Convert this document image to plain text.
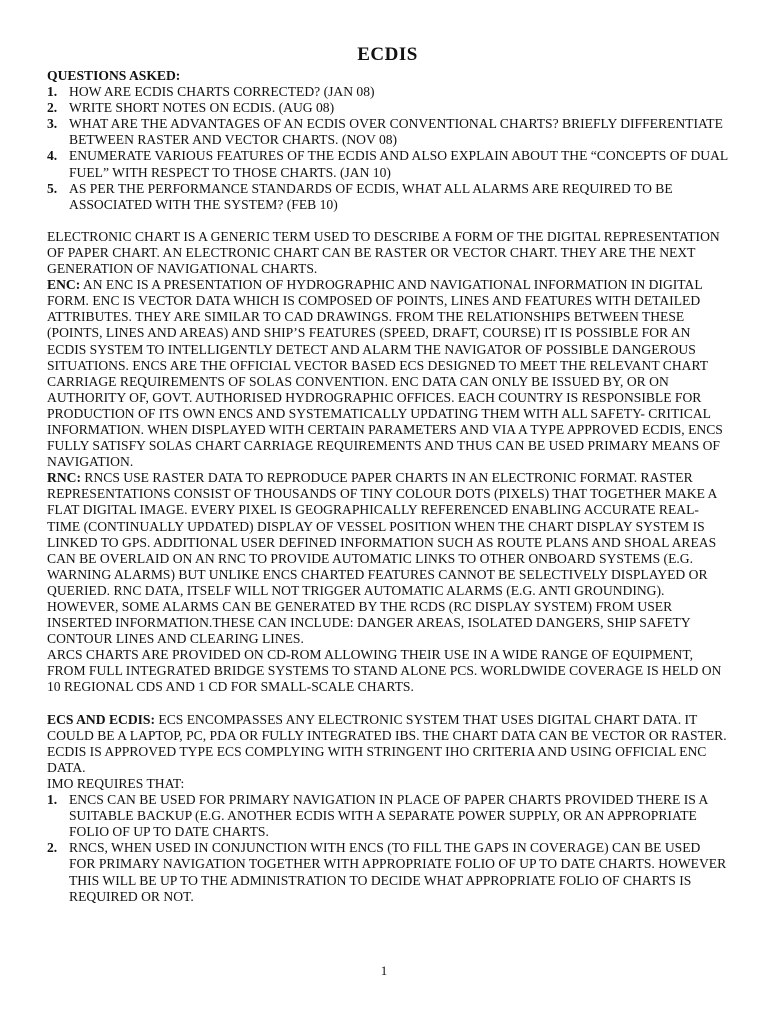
ECDIS

QUESTIONS ASKED:

1. HOW ARE ECDIS CHARTS CORRECTED? (JAN 08)
2. WRITE SHORT NOTES ON ECDIS. (AUG 08)
3. WHAT ARE THE ADVANTAGES OF AN ECDIS OVER CONVENTIONAL CHARTS? BRIEFLY DIFFERENTIATE BETWEEN RASTER AND VECTOR CHARTS. (NOV 08)
4. ENUMERATE VARIOUS FEATURES OF THE ECDIS AND ALSO EXPLAIN ABOUT THE “CONCEPTS OF DUAL FUEL” WITH RESPECT TO THOSE CHARTS. (JAN 10)
5. AS PER THE PERFORMANCE STANDARDS OF ECDIS, WHAT ALL ALARMS ARE REQUIRED TO BE ASSOCIATED WITH THE SYSTEM? (FEB 10)

ELECTRONIC CHART IS A GENERIC TERM USED TO DESCRIBE A FORM OF THE DIGITAL REPRESENTATION OF PAPER CHART. AN ELECTRONIC CHART CAN BE RASTER OR VECTOR CHART. THEY ARE THE NEXT GENERATION OF NAVIGATIONAL CHARTS.

ENC: AN ENC IS A PRESENTATION OF HYDROGRAPHIC AND NAVIGATIONAL INFORMATION IN DIGITAL FORM. ENC IS VECTOR DATA WHICH IS COMPOSED OF POINTS, LINES AND FEATURES WITH DETAILED ATTRIBUTES. THEY ARE SIMILAR TO CAD DRAWINGS. FROM THE RELATIONSHIPS BETWEEN THESE (POINTS, LINES AND AREAS) AND SHIP’S FEATURES (SPEED, DRAFT, COURSE) IT IS POSSIBLE FOR AN ECDIS SYSTEM TO INTELLIGENTLY DETECT AND ALARM THE NAVIGATOR OF POSSIBLE DANGEROUS SITUATIONS. ENCS ARE THE OFFICIAL VECTOR BASED ECS DESIGNED TO MEET THE RELEVANT CHART CARRIAGE REQUIREMENTS OF SOLAS CONVENTION. ENC DATA CAN ONLY BE ISSUED BY, OR ON AUTHORITY OF, GOVT. AUTHORISED HYDROGRAPHIC OFFICES. EACH COUNTRY IS RESPONSIBLE FOR PRODUCTION OF ITS OWN ENCS AND SYSTEMATICALLY UPDATING THEM WITH ALL SAFETY- CRITICAL INFORMATION. WHEN DISPLAYED WITH CERTAIN PARAMETERS AND VIA A TYPE APPROVED ECDIS, ENCS FULLY SATISFY SOLAS CHART CARRIAGE REQUIREMENTS AND THUS CAN BE USED PRIMARY MEANS OF NAVIGATION.

RNC: RNCS USE RASTER DATA TO REPRODUCE PAPER CHARTS IN AN ELECTRONIC FORMAT. RASTER REPRESENTATIONS CONSIST OF THOUSANDS OF TINY COLOUR DOTS (PIXELS) THAT TOGETHER MAKE A FLAT DIGITAL IMAGE. EVERY PIXEL IS GEOGRAPHICALLY REFERENCED ENABLING ACCURATE REAL-TIME (CONTINUALLY UPDATED) DISPLAY OF VESSEL POSITION WHEN THE CHART DISPLAY SYSTEM IS LINKED TO GPS. ADDITIONAL USER DEFINED INFORMATION SUCH AS ROUTE PLANS AND SHOAL AREAS CAN BE OVERLAID ON AN RNC TO PROVIDE AUTOMATIC LINKS TO OTHER ONBOARD SYSTEMS (E.G. WARNING ALARMS) BUT UNLIKE ENCS CHARTED FEATURES CANNOT BE SELECTIVELY DISPLAYED OR QUERIED. RNC DATA, ITSELF WILL NOT TRIGGER AUTOMATIC ALARMS (E.G. ANTI GROUNDING). HOWEVER, SOME ALARMS CAN BE GENERATED BY THE RCDS (RC DISPLAY SYSTEM) FROM USER INSERTED INFORMATION.THESE CAN INCLUDE: DANGER AREAS, ISOLATED DANGERS, SHIP SAFETY CONTOUR LINES AND CLEARING LINES.

ARCS CHARTS ARE PROVIDED ON CD-ROM ALLOWING THEIR USE IN A WIDE RANGE OF EQUIPMENT, FROM FULL INTEGRATED BRIDGE SYSTEMS TO STAND ALONE PCS. WORLDWIDE COVERAGE IS HELD ON 10 REGIONAL CDS AND 1 CD FOR SMALL-SCALE CHARTS.

ECS AND ECDIS: ECS ENCOMPASSES ANY ELECTRONIC SYSTEM THAT USES DIGITAL CHART DATA. IT COULD BE A LAPTOP, PC, PDA OR FULLY INTEGRATED IBS. THE CHART DATA CAN BE VECTOR OR RASTER. ECDIS IS APPROVED TYPE ECS COMPLYING WITH STRINGENT IHO CRITERIA AND USING OFFICIAL ENC DATA.

IMO REQUIRES THAT:

1. ENCS CAN BE USED FOR PRIMARY NAVIGATION IN PLACE OF PAPER CHARTS PROVIDED THERE IS A SUITABLE BACKUP (E.G. ANOTHER ECDIS WITH A SEPARATE POWER SUPPLY, OR AN APPROPRIATE FOLIO OF UP TO DATE CHARTS.
2. RNCS, WHEN USED IN CONJUNCTION WITH ENCS (TO FILL THE GAPS IN COVERAGE) CAN BE USED FOR PRIMARY NAVIGATION TOGETHER WITH APPROPRIATE FOLIO OF UP TO DATE CHARTS. HOWEVER THIS WILL BE UP TO THE ADMINISTRATION TO DECIDE WHAT APPROPRIATE FOLIO OF CHARTS IS REQUIRED OR NOT.
1
